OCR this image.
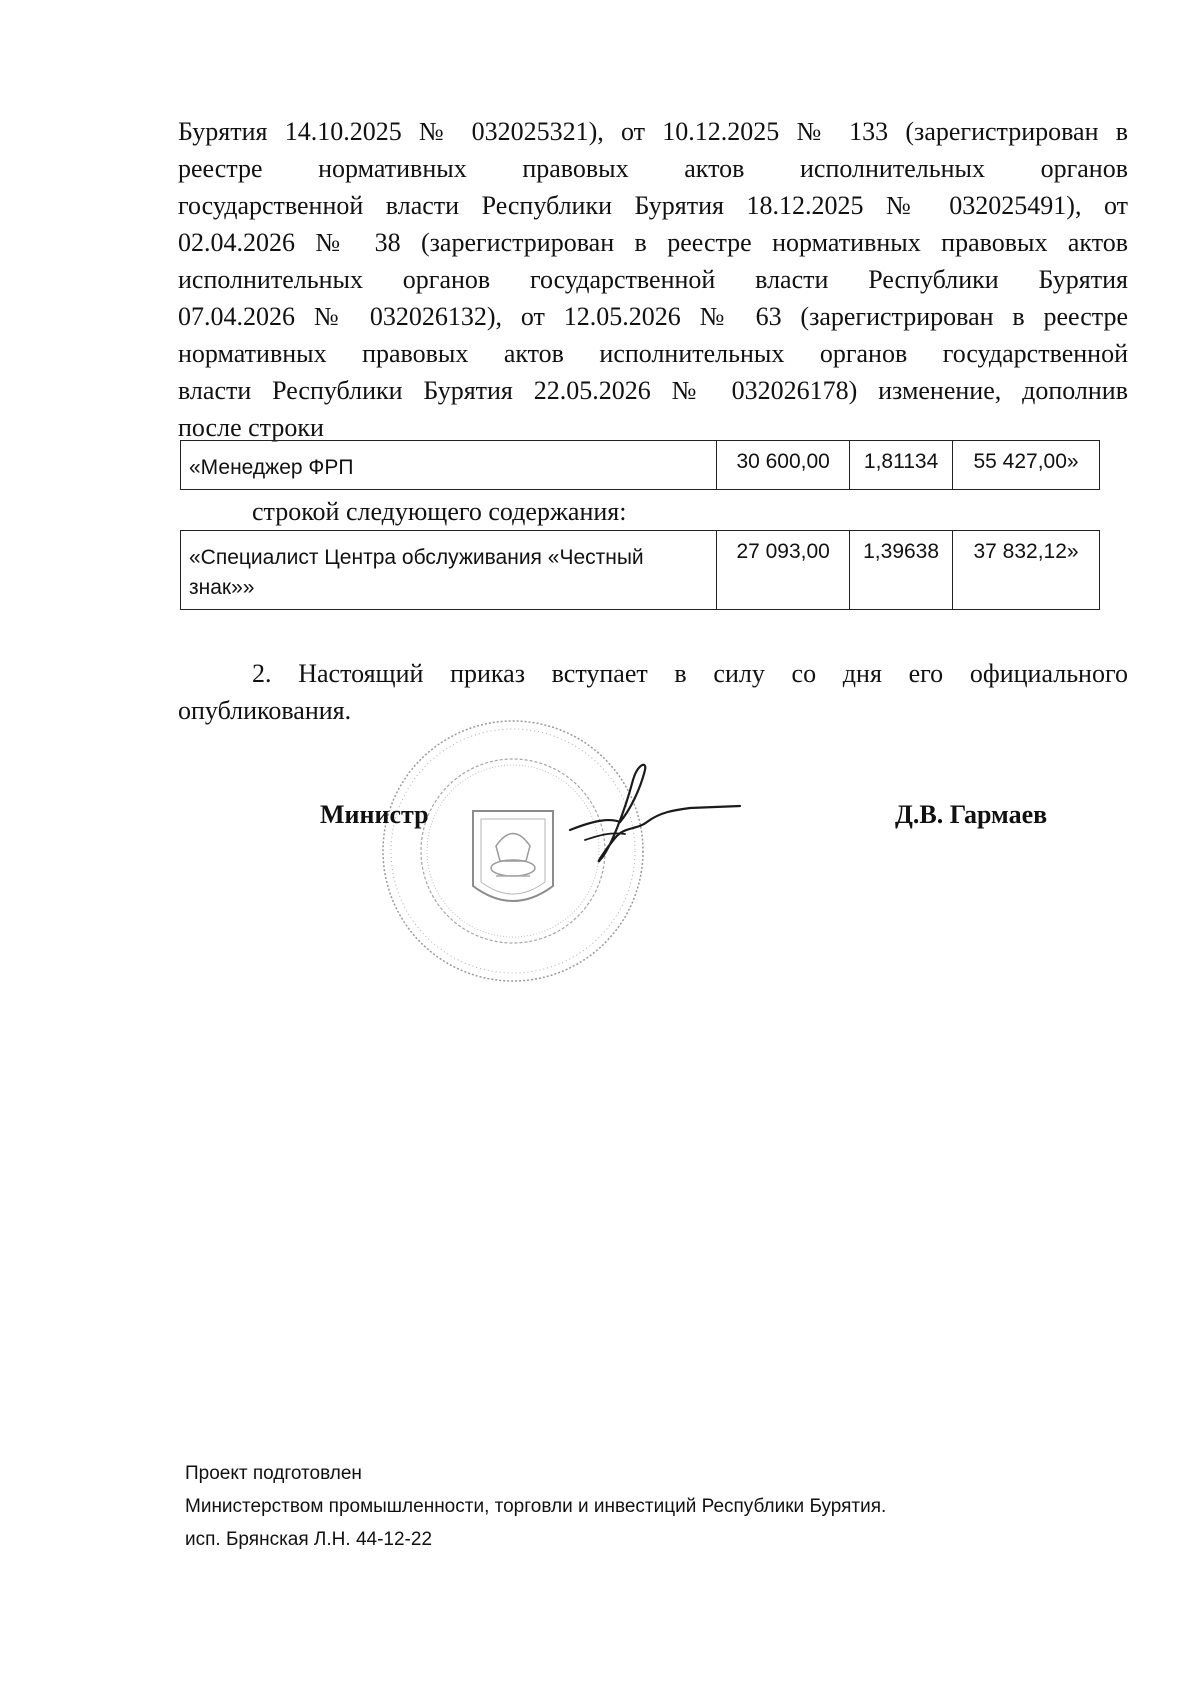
Бурятия 14.10.2025 № 032025321), от 10.12.2025 № 133 (зарегистрирован в
реестре нормативных правовых актов исполнительных органов
государственной власти Республики Бурятия 18.12.2025 № 032025491), от
02.04.2026 № 38 (зарегистрирован в реестре нормативных правовых актов
исполнительных органов государственной власти Республики Бурятия
07.04.2026 № 032026132), от 12.05.2026 № 63 (зарегистрирован в реестре
нормативных правовых актов исполнительных органов государственной
власти Республики Бурятия 22.05.2026 № 032026178) изменение, дополнив
после строки
«Менеджер ФРП	30 600,00	1,81134	55 427,00»
строкой следующего содержания:
«Специалист Центра обслуживания «Честный знак»»	27 093,00	1,39638	37 832,12»
2. Настоящий приказ вступает в силу со дня его официального
опубликования.
Министр	Д.В. Гармаев
Проект подготовлен
Министерством промышленности, торговли и инвестиций Республики Бурятия.
исп. Брянская Л.Н. 44-12-22
